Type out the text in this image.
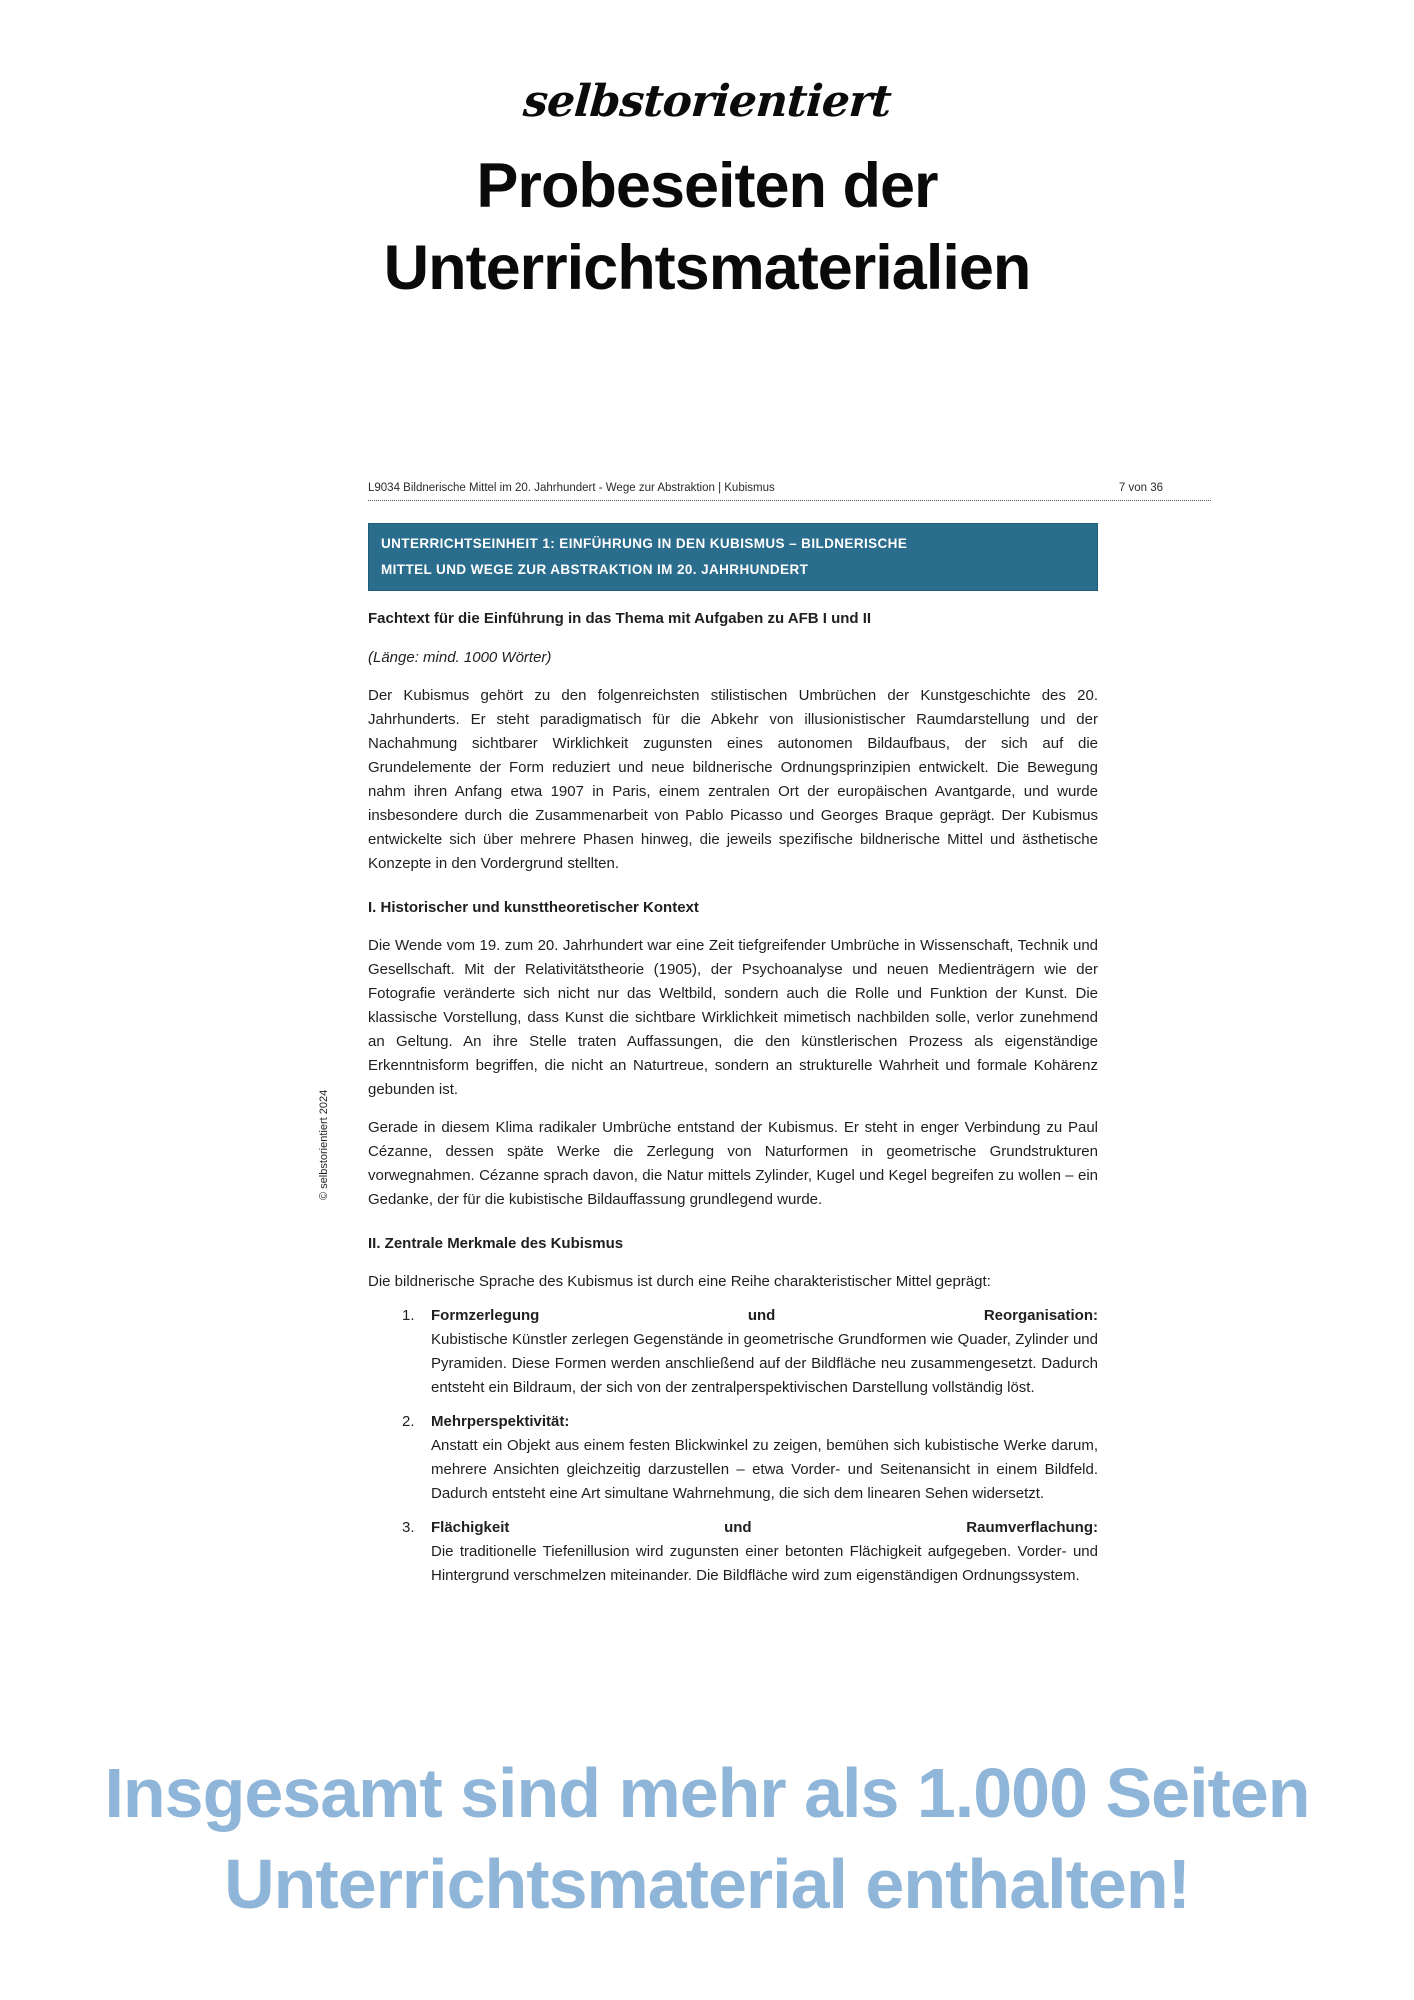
selbstorientiert
Probeseiten der
Unterrichtsmaterialien
L9034 Bildnerische Mittel im 20. Jahrhundert - Wege zur Abstraktion | Kubismus	7 von 36
UNTERRICHTSEINHEIT 1: EINFÜHRUNG IN DEN KUBISMUS – BILDNERISCHE
MITTEL UND WEGE ZUR ABSTRAKTION IM 20. JAHRHUNDERT
Fachtext für die Einführung in das Thema mit Aufgaben zu AFB I und II
(Länge: mind. 1000 Wörter)
Der Kubismus gehört zu den folgenreichsten stilistischen Umbrüchen der Kunstgeschichte des 20. Jahrhunderts. Er steht paradigmatisch für die Abkehr von illusionistischer Raumdarstellung und der Nachahmung sichtbarer Wirklichkeit zugunsten eines autonomen Bildaufbaus, der sich auf die Grundelemente der Form reduziert und neue bildnerische Ordnungsprinzipien entwickelt. Die Bewegung nahm ihren Anfang etwa 1907 in Paris, einem zentralen Ort der europäischen Avantgarde, und wurde insbesondere durch die Zusammenarbeit von Pablo Picasso und Georges Braque geprägt. Der Kubismus entwickelte sich über mehrere Phasen hinweg, die jeweils spezifische bildnerische Mittel und ästhetische Konzepte in den Vordergrund stellten.
I. Historischer und kunsttheoretischer Kontext
Die Wende vom 19. zum 20. Jahrhundert war eine Zeit tiefgreifender Umbrüche in Wissenschaft, Technik und Gesellschaft. Mit der Relativitätstheorie (1905), der Psychoanalyse und neuen Medienträgern wie der Fotografie veränderte sich nicht nur das Weltbild, sondern auch die Rolle und Funktion der Kunst. Die klassische Vorstellung, dass Kunst die sichtbare Wirklichkeit mimetisch nachbilden solle, verlor zunehmend an Geltung. An ihre Stelle traten Auffassungen, die den künstlerischen Prozess als eigenständige Erkenntnisform begriffen, die nicht an Naturtreue, sondern an strukturelle Wahrheit und formale Kohärenz gebunden ist.
Gerade in diesem Klima radikaler Umbrüche entstand der Kubismus. Er steht in enger Verbindung zu Paul Cézanne, dessen späte Werke die Zerlegung von Naturformen in geometrische Grundstrukturen vorwegnahmen. Cézanne sprach davon, die Natur mittels Zylinder, Kugel und Kegel begreifen zu wollen – ein Gedanke, der für die kubistische Bildauffassung grundlegend wurde.
II. Zentrale Merkmale des Kubismus
Die bildnerische Sprache des Kubismus ist durch eine Reihe charakteristischer Mittel geprägt:
1. Formzerlegung	und	Reorganisation:
Kubistische Künstler zerlegen Gegenstände in geometrische Grundformen wie Quader, Zylinder und Pyramiden. Diese Formen werden anschließend auf der Bildfläche neu zusammengesetzt. Dadurch entsteht ein Bildraum, der sich von der zentralperspektivischen Darstellung vollständig löst.
2. Mehrperspektivität:
Anstatt ein Objekt aus einem festen Blickwinkel zu zeigen, bemühen sich kubistische Werke darum, mehrere Ansichten gleichzeitig darzustellen – etwa Vorder- und Seitenansicht in einem Bildfeld. Dadurch entsteht eine Art simultane Wahrnehmung, die sich dem linearen Sehen widersetzt.
3. Flächigkeit	und	Raumverflachung:
Die traditionelle Tiefenillusion wird zugunsten einer betonten Flächigkeit aufgegeben. Vorder- und Hintergrund verschmelzen miteinander. Die Bildfläche wird zum eigenständigen Ordnungssystem.
© selbstorientiert 2024
Insgesamt sind mehr als 1.000 Seiten
Unterrichtsmaterial enthalten!
